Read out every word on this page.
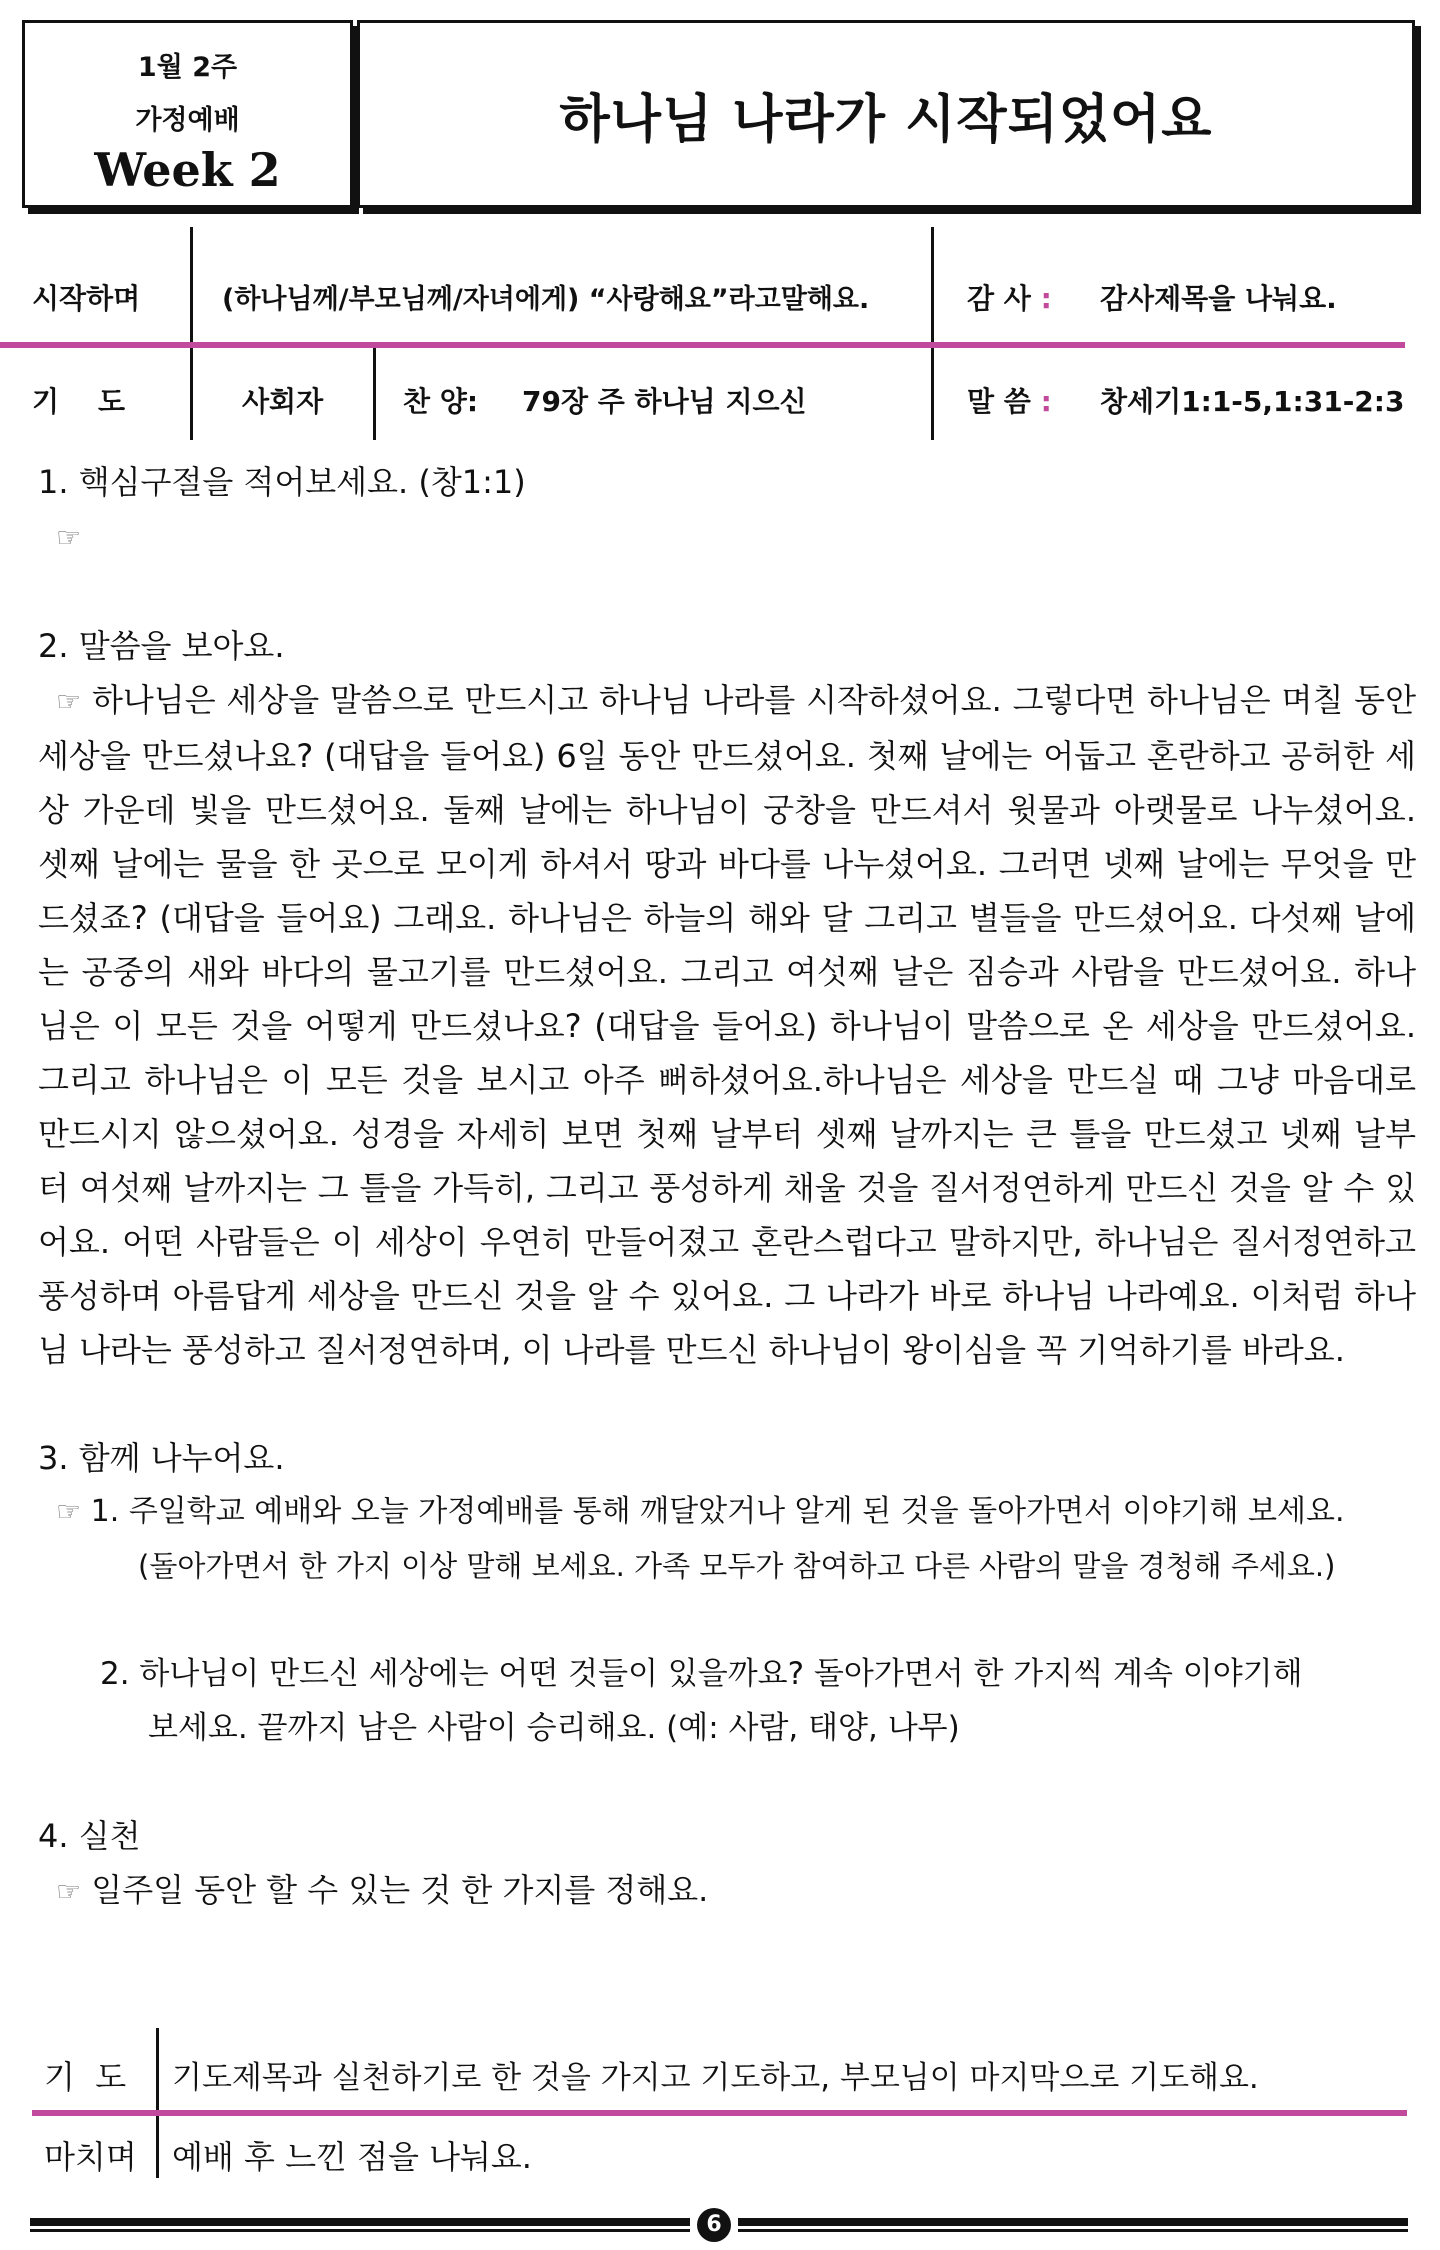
1월 2주
가정예배
Week 2
하나님 나라가 시작되었어요
시작하며	(하나님께/부모님께/자녀에게) “사랑해요”라고말해요.	감 사 : 감사제목을 나눠요.
기    도	사회자	찬 양: 79장 주 하나님 지으신	말 씀 : 창세기1:1-5,1:31-2:3

1. 핵심구절을 적어보세요. (창1:1)

☞

2. 말씀을 보아요.

☞ 하나님은 세상을 말씀으로 만드시고 하나님 나라를 시작하셨어요. 그렇다면 하나님은 며칠 동안 세상을 만드셨나요? (대답을 들어요) 6일 동안 만드셨어요. 첫째 날에는 어둡고 혼란하고 공허한 세상 가운데 빛을 만드셨어요. 둘째 날에는 하나님이 궁창을 만드셔서 윗물과 아랫물로 나누셨어요. 셋째 날에는 물을 한 곳으로 모이게 하셔서 땅과 바다를 나누셨어요. 그러면 넷째 날에는 무엇을 만드셨죠? (대답을 들어요) 그래요. 하나님은 하늘의 해와 달 그리고 별들을 만드셨어요. 다섯째 날에는 공중의 새와 바다의 물고기를 만드셨어요. 그리고 여섯째 날은 짐승과 사람을 만드셨어요. 하나님은 이 모든 것을 어떻게 만드셨나요? (대답을 들어요) 하나님이 말씀으로 온 세상을 만드셨어요. 그리고 하나님은 이 모든 것을 보시고 아주 뻐하셨어요.하나님은 세상을 만드실 때 그냥 마음대로 만드시지 않으셨어요. 성경을 자세히 보면 첫째 날부터 셋째 날까지는 큰 틀을 만드셨고 넷째 날부터 여섯째 날까지는 그 틀을 가득히, 그리고 풍성하게 채울 것을 질서정연하게 만드신 것을 알 수 있어요. 어떤 사람들은 이 세상이 우연히 만들어졌고 혼란스럽다고 말하지만, 하나님은 질서정연하고 풍성하며 아름답게 세상을 만드신 것을 알 수 있어요. 그 나라가 바로 하나님 나라예요. 이처럼 하나님 나라는 풍성하고 질서정연하며, 이 나라를 만드신 하나님이 왕이심을 꼭 기억하기를 바라요.

3. 함께 나누어요.

☞ 1. 주일학교 예배와 오늘 가정예배를 통해 깨달았거나 알게 된 것을 돌아가면서 이야기해 보세요.

(돌아가면서 한 가지 이상 말해 보세요. 가족 모두가 참여하고 다른 사람의 말을 경청해 주세요.)

2. 하나님이 만드신 세상에는 어떤 것들이 있을까요? 돌아가면서 한 가지씩 계속 이야기해

보세요. 끝까지 남은 사람이 승리해요. (예: 사람, 태양, 나무)

4. 실천

☞ 일주일 동안 할 수 있는 것 한 가지를 정해요.

기  도 기도제목과 실천하기로 한 것을 가지고 기도하고, 부모님이 마지막으로 기도해요.
마치며 예배 후 느낀 점을 나눠요.
6
